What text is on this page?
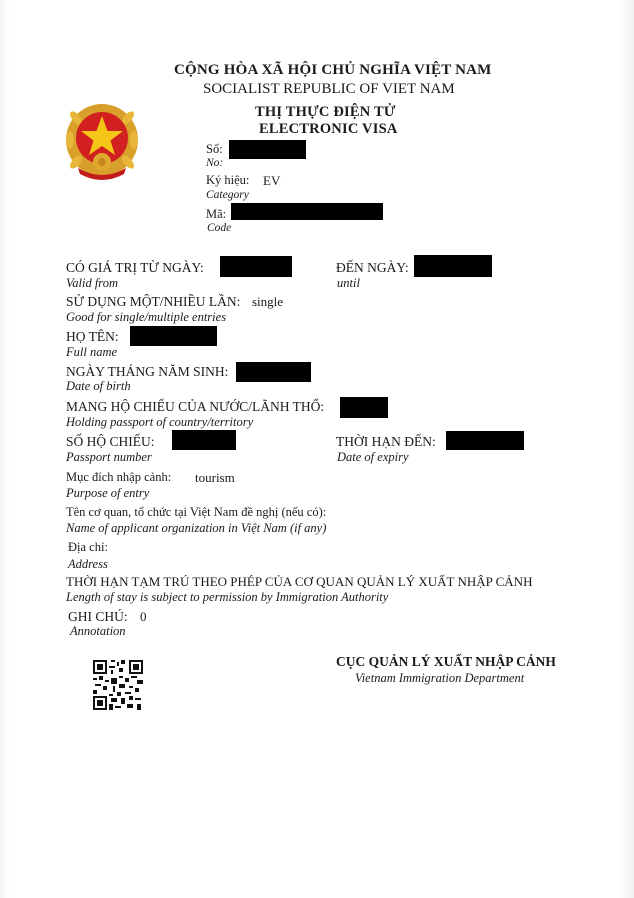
CỘNG HÒA XÃ HỘI CHỦ NGHĨA VIỆT NAM
SOCIALIST REPUBLIC OF VIET NAM
THỊ THỰC ĐIỆN TỬ
ELECTRONIC VISA
Số:
No:
Ký hiệu: EV
Category
Mã:
Code
CÓ GIÁ TRỊ TỪ NGÀY:
Valid from
ĐẾN NGÀY:
until
SỬ DỤNG MỘT/NHIỀU LẦN: single
Good for single/multiple entries
HỌ TÊN:
Full name
NGÀY THÁNG NĂM SINH:
Date of birth
MANG HỘ CHIẾU CỦA NƯỚC/LÃNH THỔ:
Holding passport of country/territory
SỐ HỘ CHIẾU:
Passport number
THỜI HẠN ĐẾN:
Date of expiry
Mục đích nhập cảnh: tourism
Purpose of entry
Tên cơ quan, tổ chức tại Việt Nam đề nghị (nếu có):
Name of applicant organization in Việt Nam (if any)
Địa chỉ:
Address
THỜI HẠN TẠM TRÚ THEO PHÉP CỦA CƠ QUAN QUẢN LÝ XUẤT NHẬP CẢNH
Length of stay is subject to permission by Immigration Authority
GHI CHÚ: 0
Annotation
CỤC QUẢN LÝ XUẤT NHẬP CẢNH
Vietnam Immigration Department
